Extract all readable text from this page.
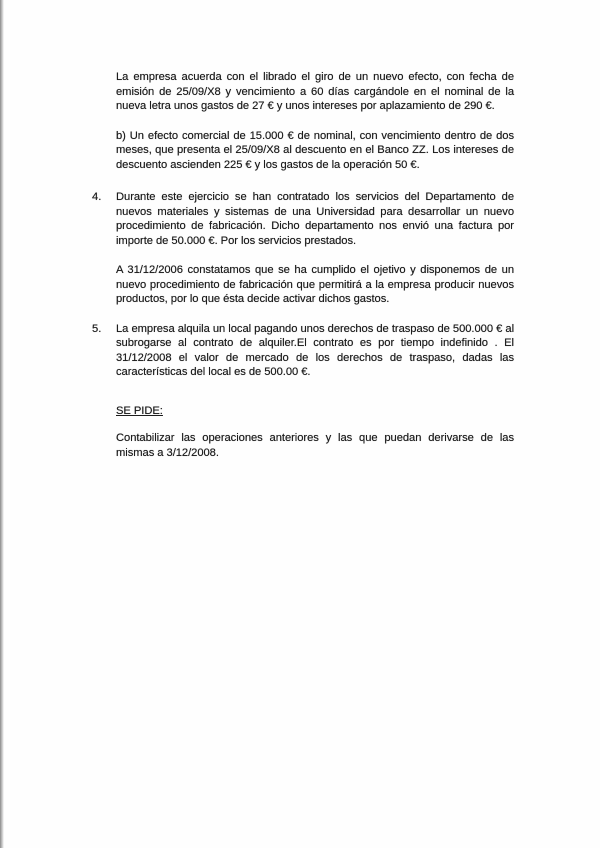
La empresa acuerda con el librado el giro de un nuevo efecto, con fecha de emisión de 25/09/X8 y vencimiento a 60 días cargándole en el nominal de la nueva letra unos gastos de 27 € y unos intereses por aplazamiento de 290 €.

b) Un efecto comercial de 15.000 € de nominal, con vencimiento dentro de dos meses, que presenta el 25/09/X8 al descuento en el Banco ZZ. Los intereses de descuento ascienden 225 € y los gastos de la operación 50 €.

4. Durante este ejercicio se han contratado los servicios del Departamento de nuevos materiales y sistemas de una Universidad para desarrollar un nuevo procedimiento de fabricación. Dicho departamento nos envió una factura por importe de 50.000 €. Por los servicios prestados.

A 31/12/2006 constatamos que se ha cumplido el ojetivo y disponemos de un nuevo procedimiento de fabricación que permitirá a la empresa producir nuevos productos, por lo que ésta decide activar dichos gastos.

5. La empresa alquila un local pagando unos derechos de traspaso de 500.000 € al subrogarse al contrato de alquiler.El contrato es por tiempo indefinido . El 31/12/2008 el valor de mercado de los derechos de traspaso, dadas las características del local es de 500.00 €.

SE PIDE:

Contabilizar las operaciones anteriores y las que puedan derivarse de las mismas a 3/12/2008.
